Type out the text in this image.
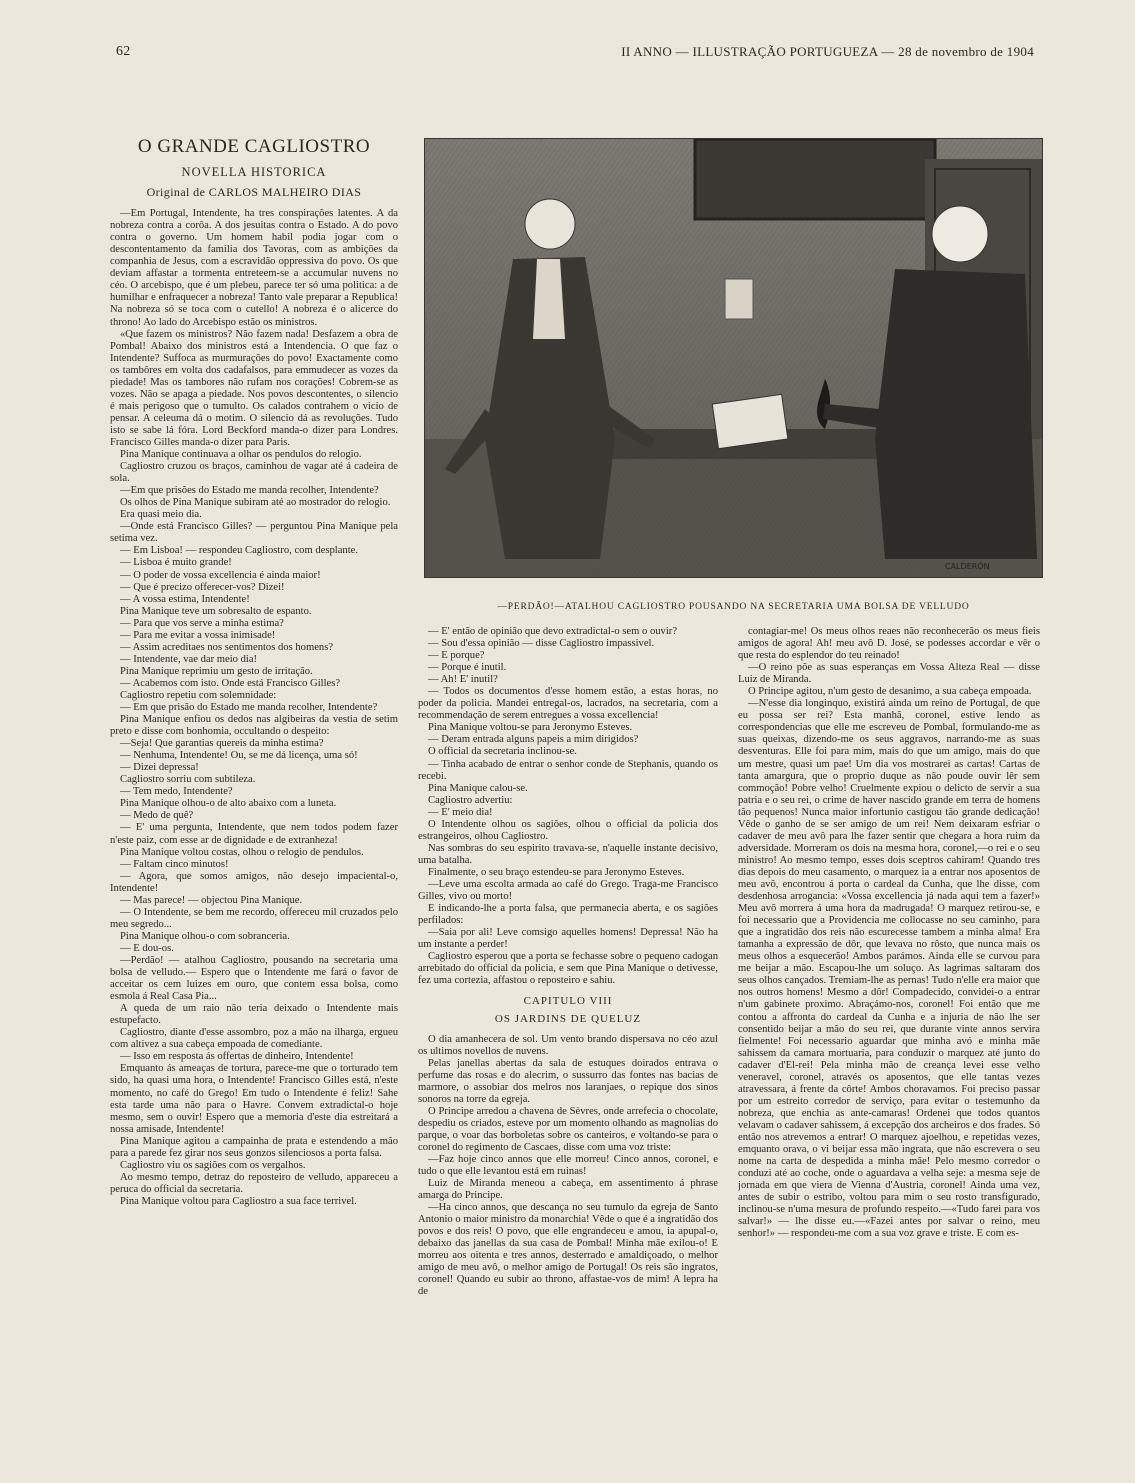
62	II ANNO — ILLUSTRAÇÃO PORTUGUEZA — 28 de novembro de 1904
O GRANDE CAGLIOSTRO
NOVELLA HISTORICA
Original de CARLOS MALHEIRO DIAS

—Em Portugal, Intendente, ha tres conspirações latentes. A da nobreza contra a corôa. A dos jesuitas contra o Estado. A do povo contra o governo. Um homem habil podia jogar com o descontentamento da familia dos Tavoras, com as ambições da companhia de Jesus, com a escravidão oppressiva do povo. Os que deviam affastar a tormenta entreteem-se a accumular nuvens no céo. O arcebispo, que é um plebeu, parece ter só uma politica: a de humilhar e enfraquecer a nobreza! Tanto vale preparar a Republica! Na nobreza só se toca com o cutello! A nobreza é o alicerce do throno! Ao lado do Arcebispo estão os ministros.

«Que fazem os ministros? Não fazem nada! Desfazem a obra de Pombal! Abaixo dos ministros está a Intendencia. O que faz o Intendente? Suffoca as murmurações do povo! Exactamente como os tambôres em volta dos cadafalsos, para emmudecer as vozes da piedade! Mas os tambores não rufam nos corações! Cobrem-se as vozes. Não se apaga a piedade. Nos povos descontentes, o silencio é mais perigoso que o tumulto. Os calados contrahem o vicio de pensar. A celeuma dá o motim. O silencio dá as revoluções. Tudo isto se sabe lá fóra. Lord Beckford manda-o dizer para Londres. Francisco Gilles manda-o dizer para Paris.

Pina Manique continuava a olhar os pendulos do relogio.

Cagliostro cruzou os braços, caminhou de vagar até á cadeira de sola.

—Em que prisões do Estado me manda recolher, Intendente?

Os olhos de Pina Manique subiram até ao mostrador do relogio.

Era quasi meio dia.

—Onde está Francisco Gilles? — perguntou Pina Manique pela setima vez.

— Em Lisboa! — respondeu Cagliostro, com desplante.

— Lisboa é muito grande!

— O poder de vossa excellencia é ainda maior!

— Que é precizo offerecer-vos? Dizei!

— A vossa estima, Intendente!

Pina Manique teve um sobresalto de espanto.

— Para que vos serve a minha estima?

— Para me evitar a vossa inimisade!

— Assim acreditaes nos sentimentos dos homens?

— Intendente, vae dar meio dia!

Pina Manique reprimiu um gesto de irritação.

— Acabemos com isto. Onde está Francisco Gilles?

Cagliostro repetiu com solemnidade:

— Em que prisão do Estado me manda recolher, Intendente?

Pina Manique enfiou os dedos nas algibeiras da vestia de setim preto e disse com bonhomia, occultando o despeito:

—Seja! Que garantias quereis da minha estima?

— Nenhuma, Intendente! Ou, se me dá licença, uma só!

— Dizei depressa!

Cagliostro sorriu com subtileza.

— Tem medo, Intendente?

Pina Manique olhou-o de alto abaixo com a luneta.

— Medo de quê?

— E' uma pergunta, Intendente, que nem todos podem fazer n'este paiz, com esse ar de dignidade e de extranheza!

Pina Manique voltou costas, olhou o relogio de pendulos.

— Faltam cinco minutos!

— Agora, que somos amigos, não desejo impaciental-o, Intendente!

— Mas parece! — objectou Pina Manique.

— O Intendente, se bem me recordo, offereceu mil cruzados pelo meu segredo...

Pina Manique olhou-o com sobranceria.

— E dou-os.

—Perdão! — atalhou Cagliostro, pousando na secretaria uma bolsa de velludo.— Espero que o Intendente me fará o favor de acceitar os cem luizes em ouro, que contem essa bolsa, como esmola á Real Casa Pia...

A queda de um raio não teria deixado o Intendente mais estupefacto.

Cagliostro, diante d'esse assombro, poz a mão na ilharga, ergueu com altivez a sua cabeça empoada de comediante.

— Isso em resposta ás offertas de dinheiro, Intendente!

Emquanto ás ameaças de tortura, parece-me que o torturado tem sido, ha quasi uma hora, o Intendente! Francisco Gilles está, n'este momento, no café do Grego! Em tudo o Intendente é feliz! Sahe esta tarde uma não para o Havre. Convem extradictal-o hoje mesmo, sem o ouvir! Espero que a memoria d'este dia estreitará a nossa amisade, Intendente!

Pina Manique agitou a campainha de prata e estendendo a mão para a parede fez girar nos seus gonzos silenciosos a porta falsa.

Cagliostro viu os sagiões com os vergalhos.

Ao mesmo tempo, detraz do reposteiro de velludo, appareceu a peruca do official da secretaria.

Pina Manique voltou para Cagliostro a sua face terrivel.

CALDERÓN
—PERDÃO!—ATALHOU CAGLIOSTRO POUSANDO NA SECRETARIA UMA BOLSA DE VELLUDO

— E' então de opinião que devo extradictal-o sem o ouvir?

— Sou d'essa opinião — disse Cagliostro impassivel.

— E porque?

— Porque é inutil.

— Ah! E' inutil?

— Todos os documentos d'esse homem estão, a estas horas, no poder da policia. Mandei entregal-os, lacrados, na secretaria, com a recommendação de serem entregues a vossa excellencia!

Pina Manique voltou-se para Jeronymo Esteves.

— Deram entrada alguns papeis a mim dirigidos?

O official da secretaria inclinou-se.

— Tinha acabado de entrar o senhor conde de Stephanis, quando os recebi.

Pina Manique calou-se.

Cagliostro advertiu:

— E' meio dia!

O Intendente olhou os sagiões, olhou o official da policia dos estrangeiros, olhou Cagliostro.

Nas sombras do seu espirito travava-se, n'aquelle instante decisivo, uma batalha.

Finalmente, o seu braço estendeu-se para Jeronymo Esteves.

—Leve uma escolta armada ao café do Grego. Traga-me Francisco Gilles, vivo ou morto!

E indicando-lhe a porta falsa, que permanecia aberta, e os sagiões perfilados:

—Saia por ali! Leve comsigo aquelles homens! Depressa! Não ha um instante a perder!

Cagliostro esperou que a porta se fechasse sobre o pequeno cadogan arrebitado do official da policia, e sem que Pina Manique o detivesse, fez uma cortezia, affastou o reposteiro e sahiu.

CAPITULO VIII
OS JARDINS DE QUELUZ

O dia amanhecera de sol. Um vento brando dispersava no céo azul os ultimos novellos de nuvens.

Pelas janellas abertas da sala de estuques doirados entrava o perfume das rosas e do alecrim, o sussurro das fontes nas bacias de marmore, o assobiar dos melros nos laranjaes, o repique dos sinos sonoros na torre da egreja.

O Principe arredou a chavena de Sèvres, onde arrefecia o chocolate, despediu os criados, esteve por um momento olhando as magnolias do parque, o voar das borboletas sobre os canteiros, e voltando-se para o coronel do regimento de Cascaes, disse com uma voz triste:

—Faz hoje cinco annos que elle morreu! Cinco annos, coronel, e tudo o que elle levantou está em ruinas!

Luiz de Miranda meneou a cabeça, em assentimento á phrase amarga do Principe.

—Ha cinco annos, que descança no seu tumulo da egreja de Santo Antonio o maior ministro da monarchia! Vêde o que é a ingratidão dos povos e dos reis! O povo, que elle engrandeceu e amou, ia apupal-o, debaixo das janellas da sua casa de Pombal! Minha mãe exilou-o! E morreu aos oitenta e tres annos, desterrado e amaldiçoado, o melhor amigo de meu avô, o melhor amigo de Portugal! Os reis são ingratos, coronel! Quando eu subir ao throno, affastae-vos de mim! A lepra ha de

contagiar-me! Os meus olhos reaes não reconhecerão os meus fieis amigos de agora! Ah! meu avô D. José, se podesses accordar e vêr o que resta do esplendor do teu reinado!

—O reino põe as suas esperanças em Vossa Alteza Real — disse Luiz de Miranda.

O Principe agitou, n'um gesto de desanimo, a sua cabeça empoada.

—N'esse dia longinquo, existirá ainda um reino de Portugal, de que eu possa ser rei? Esta manhã, coronel, estive lendo as correspondencias que elle me escreveu de Pombal, formulando-me as suas queixas, dizendo-me os seus aggravos, narrando-me as suas desventuras. Elle foi para mim, mais do que um amigo, mais do que um mestre, quasi um pae! Um dia vos mostrarei as cartas! Cartas de tanta amargura, que o proprio duque as não poude ouvir lêr sem commoção! Pobre velho! Cruelmente expiou o delicto de servir a sua patria e o seu rei, o crime de haver nascido grande em terra de homens tão pequenos! Nunca maior infortunio castigou tão grande dedicação! Vêde o ganho de se ser amigo de um rei! Nem deixaram esfriar o cadaver de meu avô para lhe fazer sentir que chegara a hora ruim da adversidade. Morreram os dois na mesma hora, coronel,—o rei e o seu ministro! Ao mesmo tempo, esses dois sceptros cahiram! Quando tres dias depois do meu casamento, o marquez ia a entrar nos aposentos de meu avô, encontrou á porta o cardeal da Cunha, que lhe disse, com desdenhosa arrogancia: «Vossa excellencia já nada aqui tem a fazer!» Meu avô morrera á uma hora da madrugada! O marquez retirou-se, e foi necessario que a Providencia me collocasse no seu caminho, para que a ingratidão dos reis não escurecesse tambem a minha alma! Era tamanha a expressão de dôr, que levava no rôsto, que nunca mais os meus olhos a esquecerão! Ambos parámos. Ainda elle se curvou para me beijar a mão. Escapou-lhe um soluço. As lagrimas saltaram dos seus olhos cançados. Tremiam-lhe as pernas! Tudo n'elle era maior que nos outros homens! Mesmo a dôr! Compadecido, convidei-o a entrar n'um gabinete proximo. Abraçámo-nos, coronel! Foi então que me contou a affronta do cardeal da Cunha e a injuria de não lhe ser consentido beijar a mão do seu rei, que durante vinte annos servira fielmente! Foi necessario aguardar que minha avó e minha mãe sahissem da camara mortuaria, para conduzir o marquez até junto do cadaver d'El-rei! Pela minha mão de creança levei esse velho veneravel, coronel, através os aposentos, que elle tantas vezes atravessara, á frente da côrte! Ambos choravamos. Foi preciso passar por um estreito corredor de serviço, para evitar o testemunho da nobreza, que enchia as ante-camaras! Ordenei que todos quantos velavam o cadaver sahissem, á excepção dos archeiros e dos frades. Só então nos atrevemos a entrar! O marquez ajoelhou, e repetidas vezes, emquanto orava, o vi beijar essa mão ingrata, que não escrevera o seu nome na carta de despedida a minha mãe! Pelo mesmo corredor o conduzi até ao coche, onde o aguardava a velha seje: a mesma seje de jornada em que viera de Vienna d'Austria, coronel! Ainda uma vez, antes de subir o estribo, voltou para mim o seu rosto transfigurado, inclinou-se n'uma mesura de profundo respeito.—«Tudo farei para vos salvar!» — lhe disse eu.—«Fazei antes por salvar o reino, meu senhor!» — respondeu-me com a sua voz grave e triste. E com es-
